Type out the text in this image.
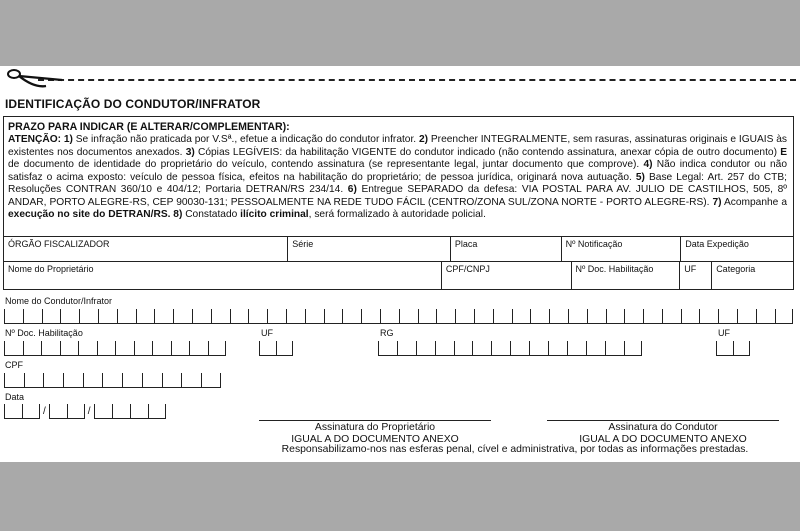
IDENTIFICAÇÃO DO CONDUTOR/INFRATOR
PRAZO PARA INDICAR (E ALTERAR/COMPLEMENTAR):
ATENÇÃO: 1) Se infração não praticada por V.Sª., efetue a indicação do condutor infrator. 2) Preencher INTEGRALMENTE, sem rasuras, assinaturas originais e IGUAIS às existentes nos documentos anexados. 3) Cópias LEGÍVEIS: da habilitação VIGENTE do condutor indicado (não contendo assinatura, anexar cópia de outro documento) E de documento de identidade do proprietário do veículo, contendo assinatura (se representante legal, juntar documento que comprove). 4) Não indica condutor ou não satisfaz o acima exposto: veículo de pessoa física, efeitos na habilitação do proprietário; de pessoa jurídica, originará nova autuação. 5) Base Legal: Art. 257 do CTB; Resoluções CONTRAN 360/10 e 404/12; Portaria DETRAN/RS 234/14. 6) Entregue SEPARADO da defesa: VIA POSTAL PARA AV. JULIO DE CASTILHOS, 505, 8º ANDAR, PORTO ALEGRE-RS, CEP 90030-131; PESSOALMENTE NA REDE TUDO FÁCIL (CENTRO/ZONA SUL/ZONA NORTE - PORTO ALEGRE-RS). 7) Acompanhe a execução no site do DETRAN/RS. 8) Constatado ilícito criminal, será formalizado à autoridade policial.
ÓRGÃO FISCALIZADOR	Série	Placa	Nº Notificação	Data Expedição
Nome do Proprietário	CPF/CNPJ	Nº Doc. Habilitação	UF	Categoria
Nome do Condutor/Infrator
Nº Doc. Habilitação	UF	RG	UF
CPF
Data
/	/
Assinatura do Proprietário
IGUAL A DO DOCUMENTO ANEXO
Assinatura do Condutor
IGUAL A DO DOCUMENTO ANEXO
Responsabilizamo-nos nas esferas penal, cível e administrativa, por todas as informações prestadas.
